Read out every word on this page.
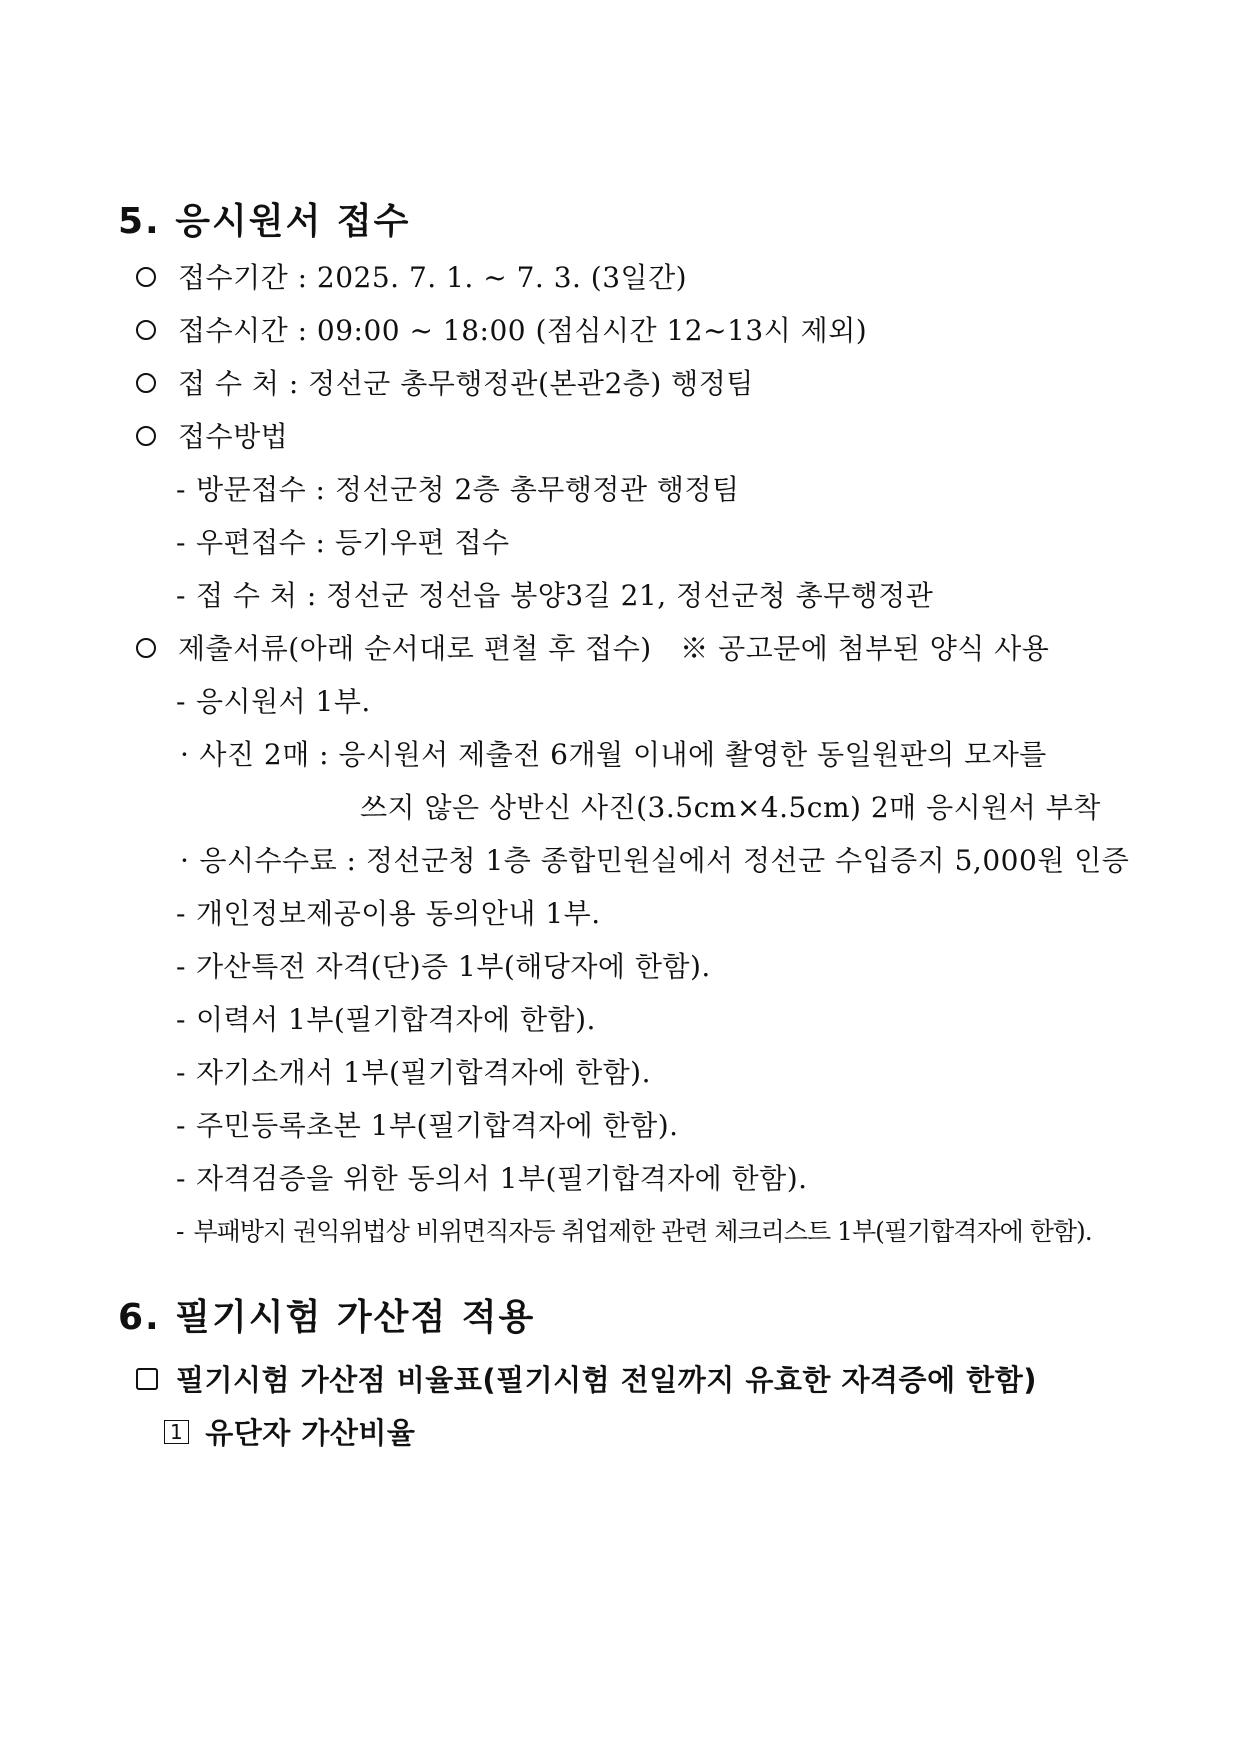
5. 응시원서 접수
접수기간 : 2025. 7. 1. ~ 7. 3. (3일간)
접수시간 : 09:00 ~ 18:00 (점심시간 12~13시 제외)
접 수 처 : 정선군 총무행정관(본관2층) 행정팀
접수방법
- 방문접수 : 정선군청 2층 총무행정관 행정팀
- 우편접수 : 등기우편 접수
- 접 수 처 : 정선군 정선읍 봉양3길 21, 정선군청 총무행정관
제출서류(아래 순서대로 편철 후 접수)　※ 공고문에 첨부된 양식 사용
- 응시원서 1부.
· 사진 2매 : 응시원서 제출전 6개월 이내에 촬영한 동일원판의 모자를
쓰지 않은 상반신 사진(3.5cm×4.5cm) 2매 응시원서 부착
· 응시수수료 : 정선군청 1층 종합민원실에서 정선군 수입증지 5,000원 인증
- 개인정보제공이용 동의안내 1부.
- 가산특전 자격(단)증 1부(해당자에 한함).
- 이력서 1부(필기합격자에 한함).
- 자기소개서 1부(필기합격자에 한함).
- 주민등록초본 1부(필기합격자에 한함).
- 자격검증을 위한 동의서 1부(필기합격자에 한함).
- 부패방지 권익위법상 비위면직자등 취업제한 관련 체크리스트 1부(필기합격자에 한함).
6. 필기시험 가산점 적용
필기시험 가산점 비율표(필기시험 전일까지 유효한 자격증에 한함)
1 유단자 가산비율
